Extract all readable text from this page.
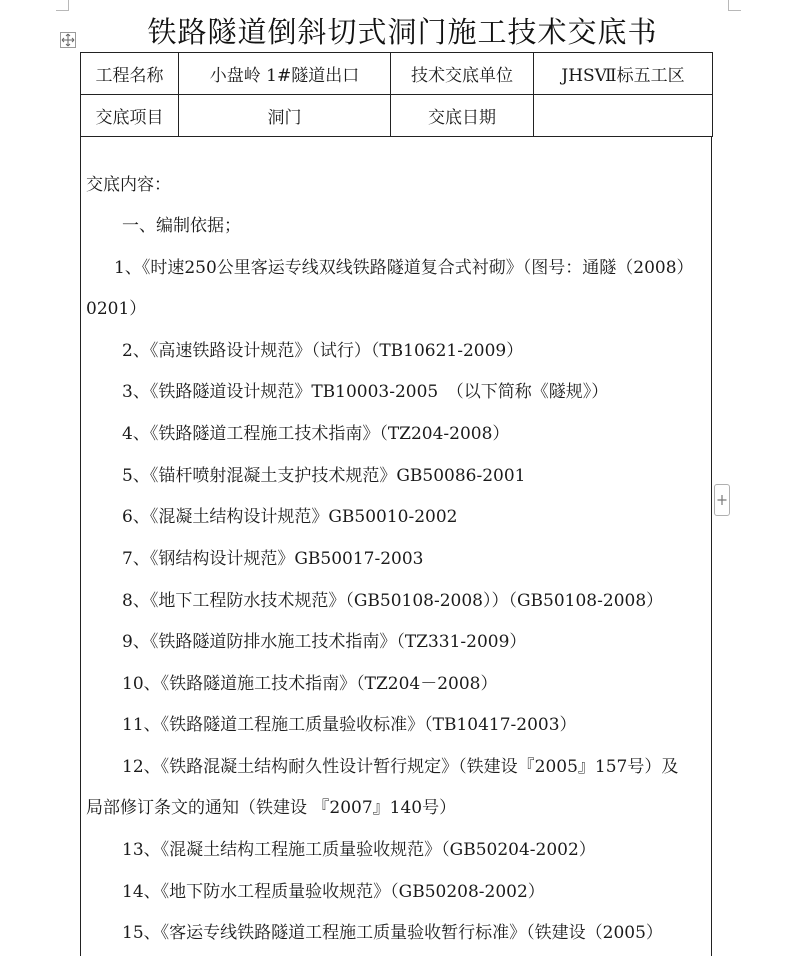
铁路隧道倒斜切式洞门施工技术交底书
工程名称	小盘岭 1#隧道出口	技术交底单位	JHSⅦ标五工区
交底项目	洞门	交底日期	
交底内容：
一、编制依据；
1、《时速250公里客运专线双线铁路隧道复合式衬砌》（图号：通隧（2008）
0201）
2、《高速铁路设计规范》（试行）（TB10621-2009）
3、《铁路隧道设计规范》TB10003-2005　（以下简称《隧规》）
4、《铁路隧道工程施工技术指南》（TZ204-2008）
5、《锚杆喷射混凝土支护技术规范》GB50086-2001
6、《混凝土结构设计规范》GB50010-2002
7、《钢结构设计规范》GB50017-2003
8、《地下工程防水技术规范》（GB50108-2008））（GB50108-2008）
9、《铁路隧道防排水施工技术指南》（TZ331-2009）
10、《铁路隧道施工技术指南》（TZ204－2008）
11、《铁路隧道工程施工质量验收标准》（TB10417-2003）
12、《铁路混凝土结构耐久性设计暂行规定》（铁建设『2005』157号）及
局部修订条文的通知（铁建设 『2007』140号）
13、《混凝土结构工程施工质量验收规范》（GB50204-2002）
14、《地下防水工程质量验收规范》（GB50208-2002）
15、《客运专线铁路隧道工程施工质量验收暂行标准》（铁建设（2005）
